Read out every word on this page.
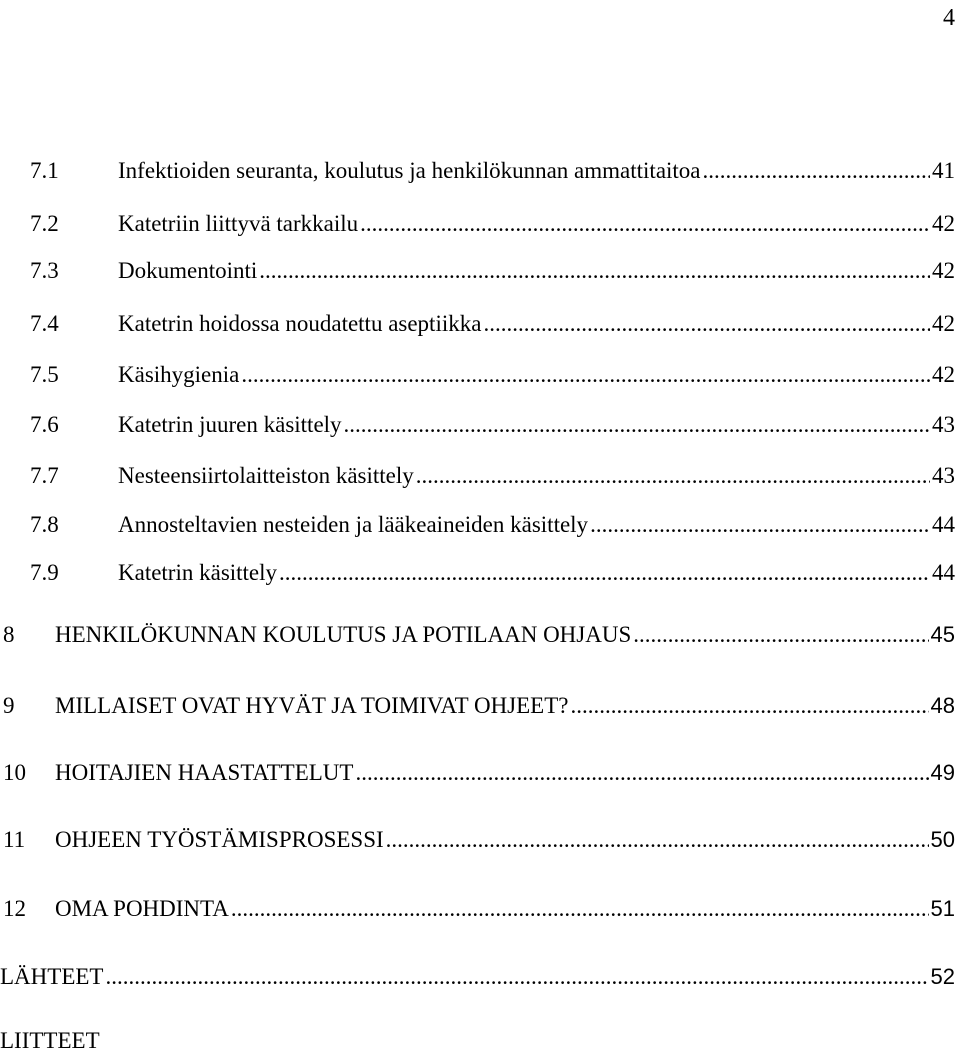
4
7.1	Infektioiden seuranta, koulutus ja henkilökunnan ammattitaitoa .....	41
7.2	Katetriin liittyvä tarkkailu .....	42
7.3	Dokumentointi .....	42
7.4	Katetrin hoidossa noudatettu aseptiikka .....	42
7.5	Käsihygienia .....	42
7.6	Katetrin juuren käsittely .....	43
7.7	Nesteensiirtolaitteiston käsittely .....	43
7.8	Annosteltavien nesteiden ja lääkeaineiden käsittely .....	44
7.9	Katetrin käsittely .....	44
8	HENKILÖKUNNAN KOULUTUS JA POTILAAN OHJAUS .....	45
9	MILLAISET OVAT HYVÄT JA TOIMIVAT OHJEET? .....	48
10	HOITAJIEN HAASTATTELUT .....	49
11	OHJEEN TYÖSTÄMISPROSESSI .....	50
12	OMA POHDINTA .....	51
LÄHTEET .....	52
LIITTEET
